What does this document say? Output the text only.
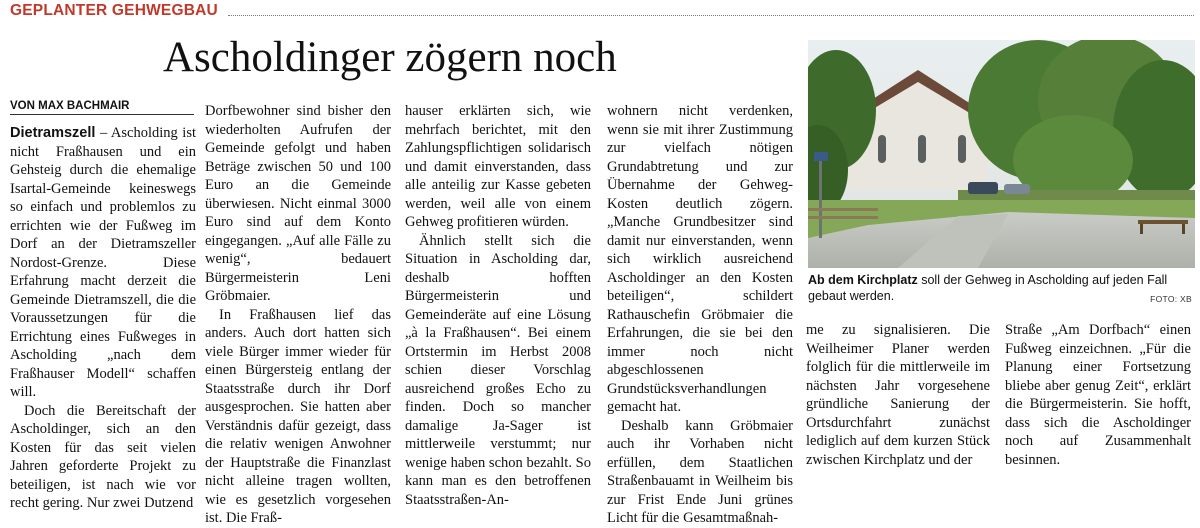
GEPLANTER GEHWEGBAU
Ascholdinger zögern noch
VON MAX BACHMAIR

Dietramszell – Ascholding ist nicht Fraßhausen und ein Gehsteig durch die ehemalige Isartal-Gemeinde keineswegs so einfach und problemlos zu errichten wie der Fußweg im Dorf an der Dietramszeller Nordost-Grenze. Diese Erfahrung macht derzeit die Gemeinde Dietramszell, die die Voraussetzungen für die Errichtung eines Fußweges in Ascholding „nach dem Fraßhauser Modell“ schaffen will.

Doch die Bereitschaft der Ascholdinger, sich an den Kosten für das seit vielen Jahren geforderte Projekt zu beteiligen, ist nach wie vor recht gering. Nur zwei Dutzend

Dorfbewohner sind bisher den wiederholten Aufrufen der Gemeinde gefolgt und haben Beträge zwischen 50 und 100 Euro an die Gemeinde überwiesen. Nicht einmal 3000 Euro sind auf dem Konto eingegangen. „Auf alle Fälle zu wenig“, bedauert Bürgermeisterin Leni Gröbmaier.

In Fraßhausen lief das anders. Auch dort hatten sich viele Bürger immer wieder für einen Bürgersteig entlang der Staatsstraße durch ihr Dorf ausgesprochen. Sie hatten aber Verständnis dafür gezeigt, dass die relativ wenigen Anwohner der Hauptstraße die Finanzlast nicht alleine tragen wollten, wie es gesetzlich vorgesehen ist. Die Fraß-

hauser erklärten sich, wie mehrfach berichtet, mit den Zahlungspflichtigen solidarisch und damit einverstanden, dass alle anteilig zur Kasse gebeten werden, weil alle von einem Gehweg profitieren würden.

Ähnlich stellt sich die Situation in Ascholding dar, deshalb hofften Bürgermeisterin und Gemeinderäte auf eine Lösung „à la Fraßhausen“. Bei einem Ortstermin im Herbst 2008 schien dieser Vorschlag ausreichend großes Echo zu finden. Doch so mancher damalige Ja-Sager ist mittlerweile verstummt; nur wenige haben schon bezahlt. So kann man es den betroffenen Staatsstraßen-An-

wohnern nicht verdenken, wenn sie mit ihrer Zustimmung zur vielfach nötigen Grundabtretung und zur Übernahme der Gehweg-Kosten deutlich zögern. „Manche Grundbesitzer sind damit nur einverstanden, wenn sich wirklich ausreichend Ascholdinger an den Kosten beteiligen“, schildert Rathauschefin Gröbmaier die Erfahrungen, die sie bei den immer noch nicht abgeschlossenen Grundstücksverhandlungen gemacht hat.

Deshalb kann Gröbmaier auch ihr Vorhaben nicht erfüllen, dem Staatlichen Straßenbauamt in Weilheim bis zur Frist Ende Juni grünes Licht für die Gesamtmaßnah-

Ab dem Kirchplatz soll der Gehweg in Ascholding auf jeden Fall gebaut werden.	FOTO: XB

me zu signalisieren. Die Weilheimer Planer werden folglich für die mittlerweile im nächsten Jahr vorgesehene gründliche Sanierung der Ortsdurchfahrt zunächst lediglich auf dem kurzen Stück zwischen Kirchplatz und der

Straße „Am Dorfbach“ einen Fußweg einzeichnen. „Für die Planung einer Fortsetzung bliebe aber genug Zeit“, erklärt die Bürgermeisterin. Sie hofft, dass sich die Ascholdinger noch auf Zusammenhalt besinnen.
